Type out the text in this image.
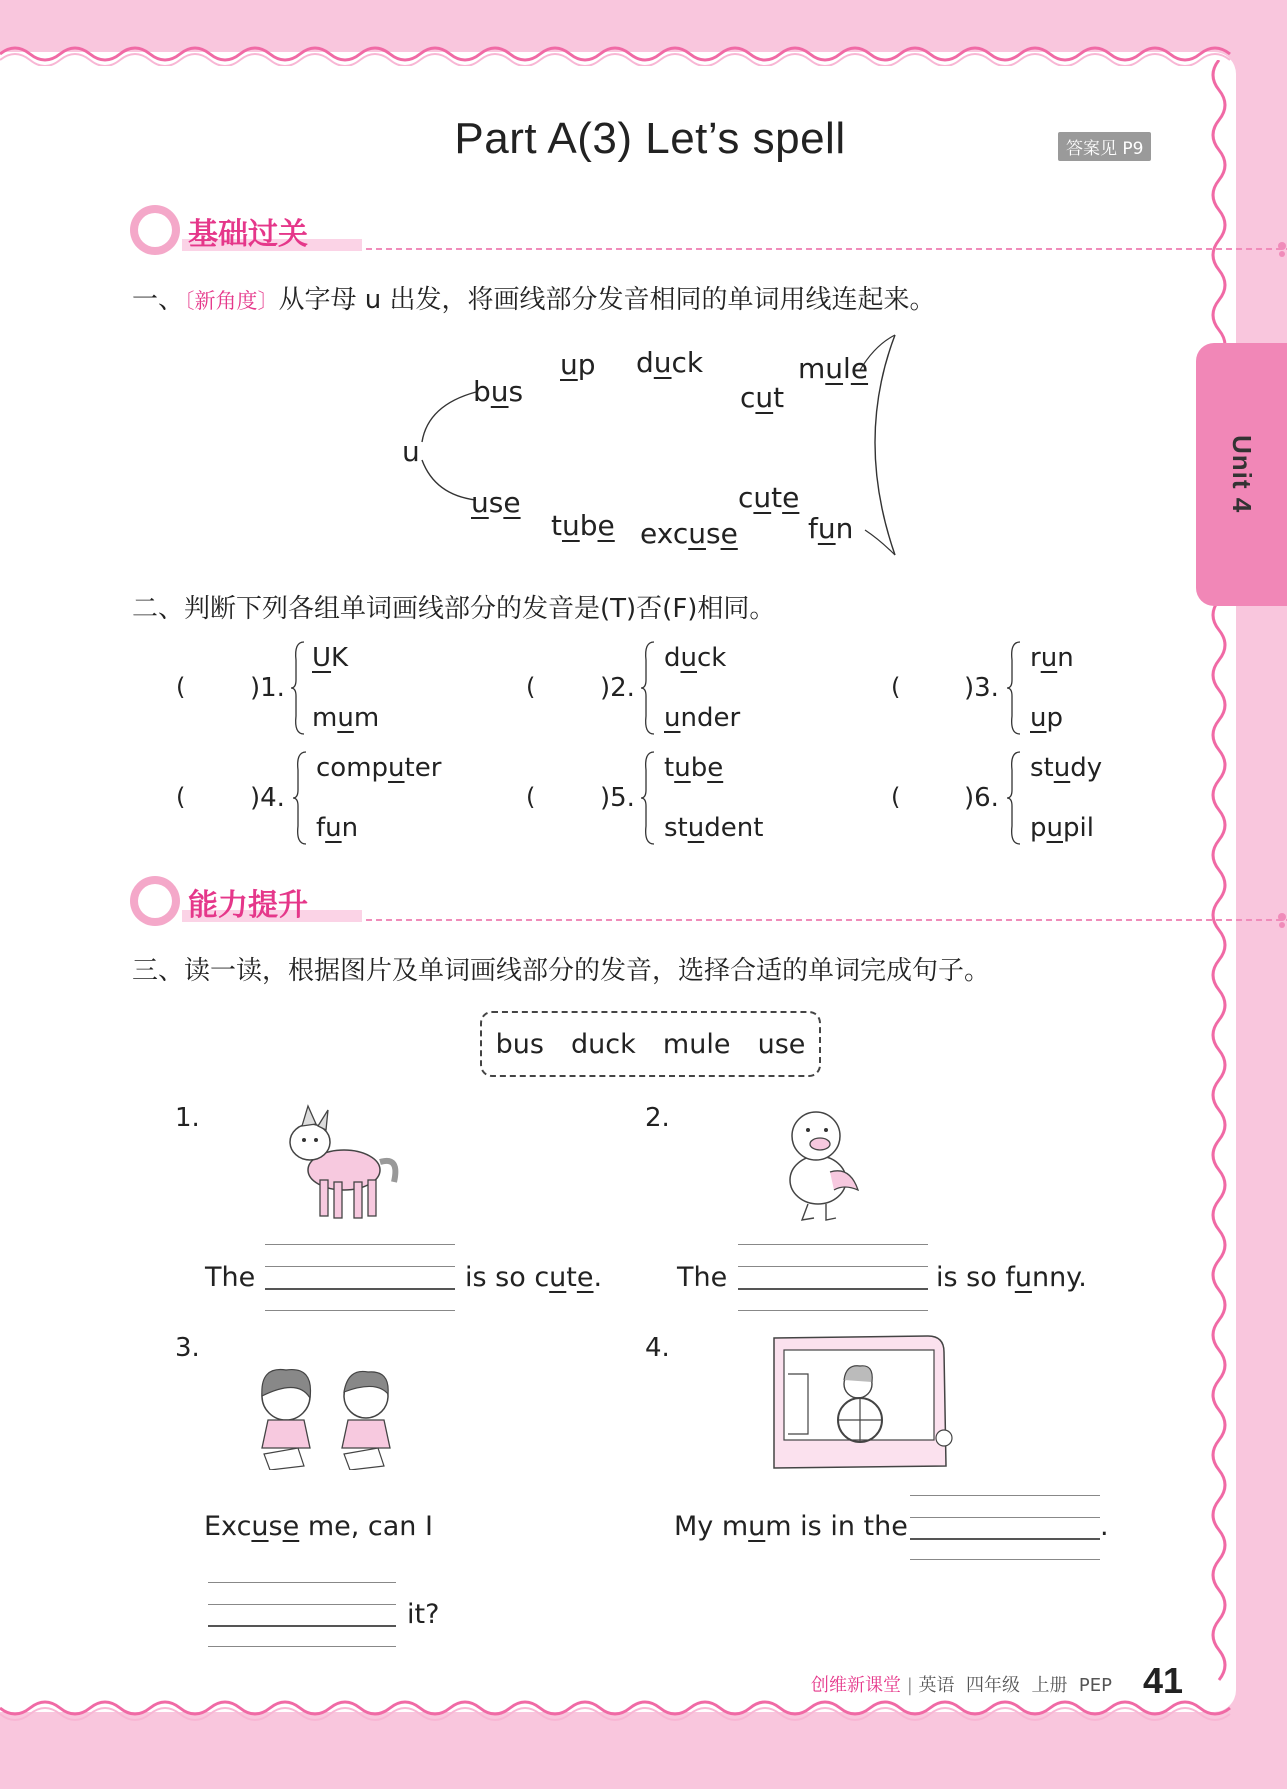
Unit 4
Part A(3) Let’s spell	答案见 P9
基础过关
一、〔新角度〕从字母 u 出发，将画线部分发音相同的单词用线连起来。
u
bus
up duck
cut
mule
use
tube excuse
cute
fun
二、判断下列各组单词画线部分的发音是(T)否(F)相同。
( )1.
UK
mum
( )2.
duck
under
( )3.
run
up
( )4.
computer
fun
( )5.
tube
student
( )6.
study
pupil
能力提升
三、读一读，根据图片及单词画线部分的发音，选择合适的单词完成句子。
bus duck mule use
1.
The	is so cute.
2.
The	is so funny.
3.
Excuse me, can I
it?
4.
My mum is in the	.
创维新课堂 | 英语 四年级 上册 PEP 41
